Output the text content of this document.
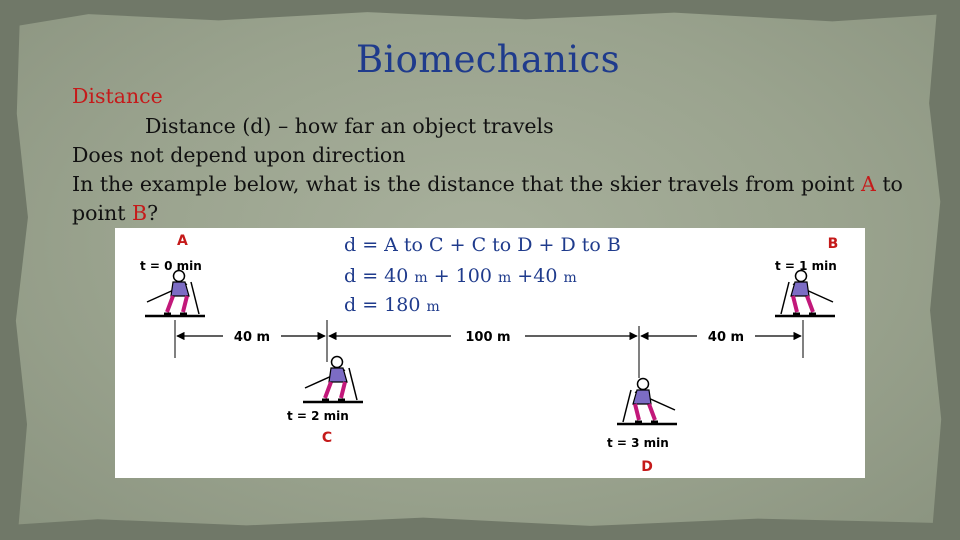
Biomechanics
Distance
Distance (d) – how far an object travels
Does not depend upon direction
In the example below, what is the distance that the skier travels from point A to
point B?
40 m	100 m	40 m
A
t = 0 min
B
t = 1 min
t = 2 min
C	t = 3 min
D
d = A to C + C to D + D to B
d = 40 m + 100 m +40 m
d = 180 m
